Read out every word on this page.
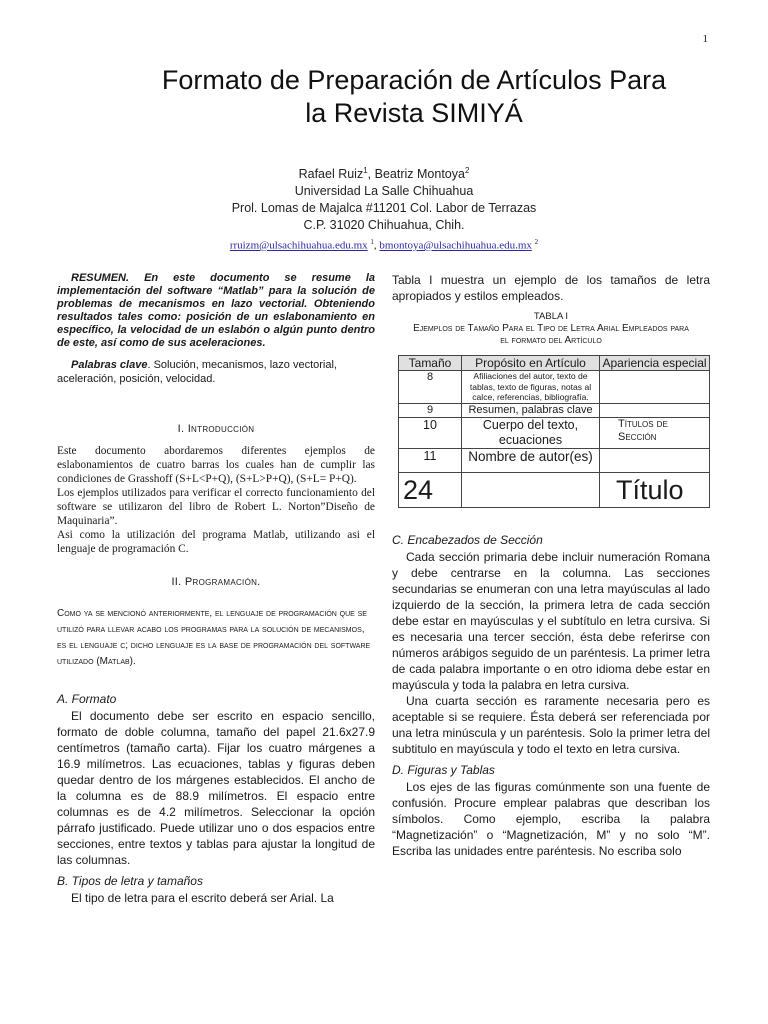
1
Formato de Preparación de Artículos Para
la Revista SIMIYÁ
Rafael Ruiz$^1$, Beatriz Montoya$^2$
Universidad La Salle Chihuahua
Prol. Lomas de Majalca #11201 Col. Labor de Terrazas
C.P. 31020 Chihuahua, Chih.
rruizm@ulsachihuahua.edu.mx $^1$, bmontoya@ulsachihuahua.edu.mx $^2$

RESUMEN. En este documento se resume la implementación del software “Matlab” para la solución de problemas de mecanismos en lazo vectorial. Obteniendo resultados tales como: posición de un eslabonamiento en específico, la velocidad de un eslabón o algún punto dentro de este, así como de sus aceleraciones.

Palabras clave. Solución, mecanismos, lazo vectorial, aceleración, posición, velocidad.

I. Introducción

Este documento abordaremos diferentes ejemplos de eslabonamientos de cuatro barras los cuales han de cumplir las condiciones de Grasshoff (S+L<P+Q), (S+L>P+Q), (S+L= P+Q).

Los ejemplos utilizados para verificar el correcto funcionamiento del software se utilizaron del libro de Robert L. Norton”Diseño de Maquinaria”.

Asi como la utilización del programa Matlab, utilizando asi el lenguaje de programación C.

II. Programación.

Como ya se mencionó anteriormente, el lenguaje de programación que se utilizó para llevar acabo los programas para la solución de mecanismos, es el lenguaje c; dicho lenguaje es la base de programación del software utilizado (Matlab).

A. Formato

El documento debe ser escrito en espacio sencillo, formato de doble columna, tamaño del papel 21.6x27.9 centímetros (tamaño carta). Fijar los cuatro márgenes a 16.9 milímetros. Las ecuaciones, tablas y figuras deben quedar dentro de los márgenes establecidos. El ancho de la columna es de 88.9 milímetros. El espacio entre columnas es de 4.2 milímetros. Seleccionar la opción párrafo justificado. Puede utilizar uno o dos espacios entre secciones, entre textos y tablas para ajustar la longitud de las columnas.

B. Tipos de letra y tamaños

El tipo de letra para el escrito deberá ser Arial. La

Tabla I muestra un ejemplo de los tamaños de letra apropiados y estilos empleados.

TABLA I
Ejemplos de Tamaño Para el Tipo de Letra Arial Empleados para
el formato del Artículo
Tamaño	Propósito en Artículo	Apariencia especial
8	Afiliaciones del autor, texto de tablas, texto de figuras, notas al calce, referencias, bibliografía.	
9	Resumen, palabras clave	
10	Cuerpo del texto, ecuaciones	Títulos de Sección
11	Nombre de autor(es)	
24		Título
C. Encabezados de Sección

Cada sección primaria debe incluir numeración Romana y debe centrarse en la columna. Las secciones secundarias se enumeran con una letra mayúsculas al lado izquierdo de la sección, la primera letra de cada sección debe estar en mayúsculas y el subtítulo en letra cursiva. Si es necesaria una tercer sección, ésta debe referirse con números arábigos seguido de un paréntesis. La primer letra de cada palabra importante o en otro idioma debe estar en mayúscula y toda la palabra en letra cursiva.

Una cuarta sección es raramente necesaria pero es aceptable si se requiere. Ésta deberá ser referenciada por una letra minúscula y un paréntesis. Solo la primer letra del subtitulo en mayúscula y todo el texto en letra cursiva.

D. Figuras y Tablas

Los ejes de las figuras comúnmente son una fuente de confusión. Procure emplear palabras que describan los símbolos. Como ejemplo, escriba la palabra “Magnetización” o “Magnetización, M” y no solo “M”. Escriba las unidades entre paréntesis. No escriba solo
